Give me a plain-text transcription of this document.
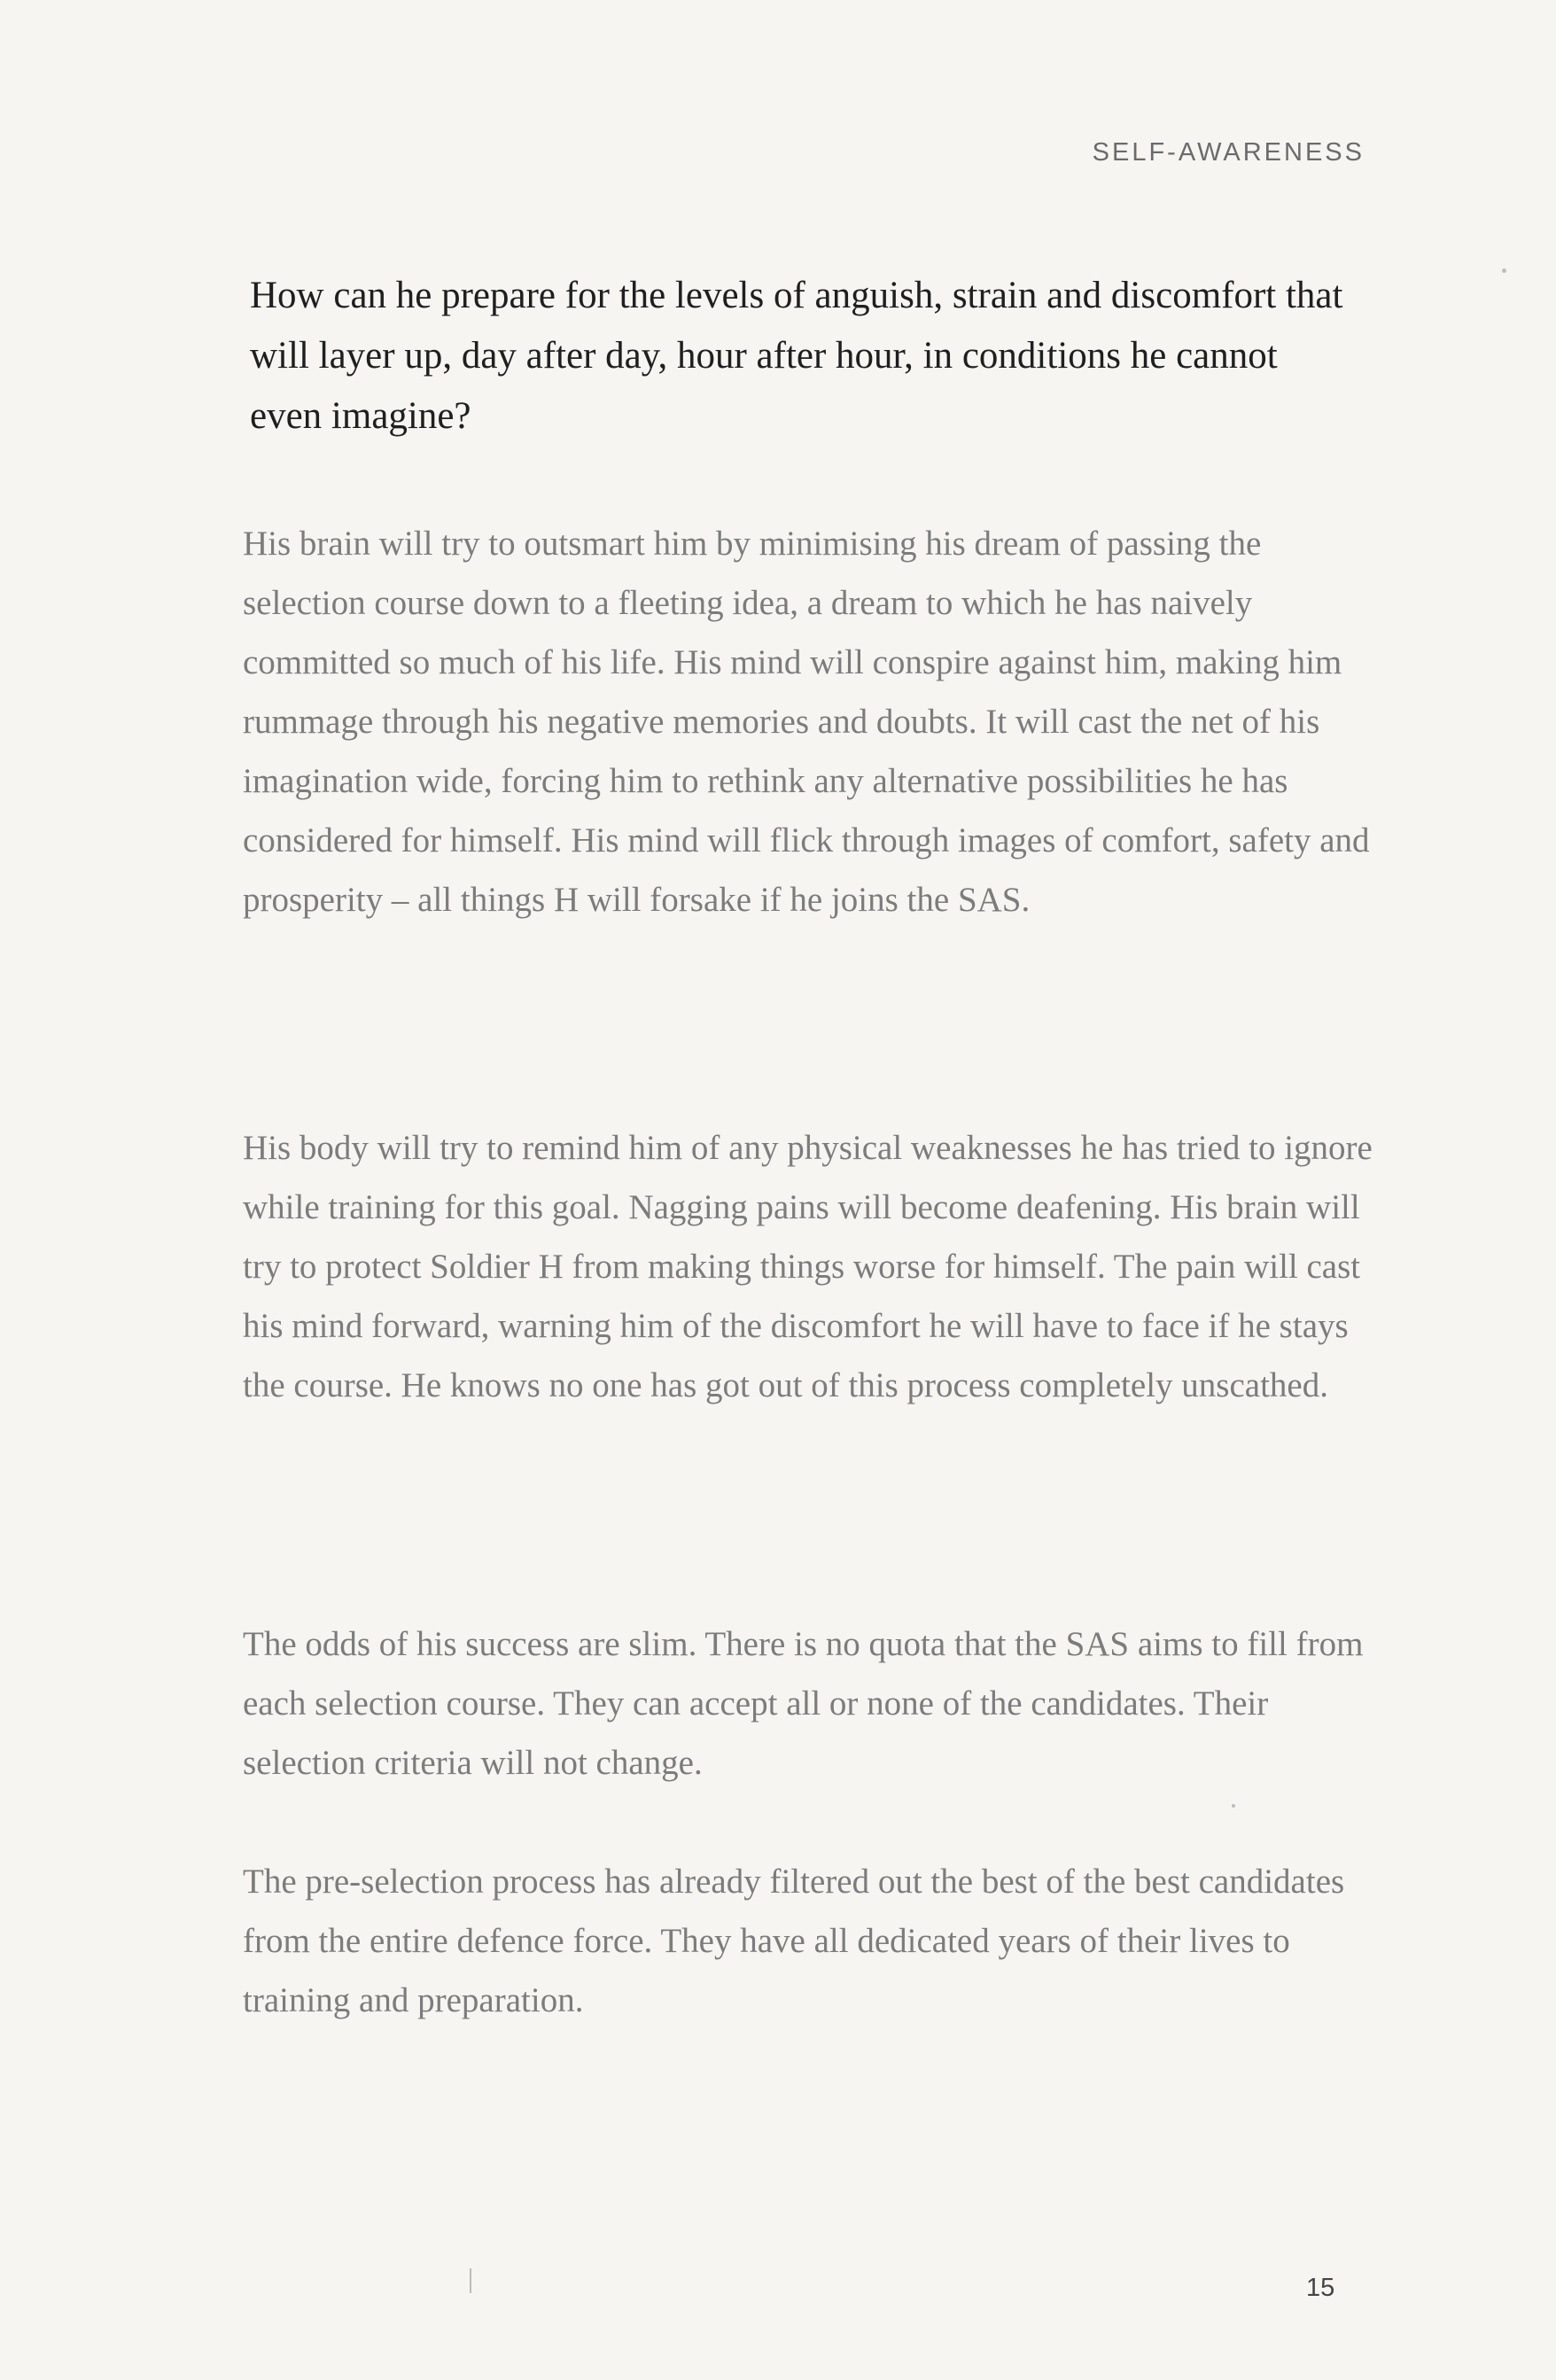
SELF-AWARENESS

How can he prepare for the levels of anguish, strain and discomfort that will layer up, day after day, hour after hour, in conditions he cannot even imagine?

His brain will try to outsmart him by minimising his dream of passing the selection course down to a fleeting idea, a dream to which he has naively committed so much of his life. His mind will conspire against him, making him rummage through his negative memories and doubts. It will cast the net of his imagination wide, forcing him to rethink any alternative possibilities he has considered for himself. His mind will flick through images of comfort, safety and prosperity – all things H will forsake if he joins the SAS.

His body will try to remind him of any physical weaknesses he has tried to ignore while training for this goal. Nagging pains will become deafening. His brain will try to protect Soldier H from making things worse for himself. The pain will cast his mind forward, warning him of the discomfort he will have to face if he stays the course. He knows no one has got out of this process completely unscathed.

The odds of his success are slim. There is no quota that the SAS aims to fill from each selection course. They can accept all or none of the candidates. Their selection criteria will not change.

The pre-selection process has already filtered out the best of the best candidates from the entire defence force. They have all dedicated years of their lives to training and preparation.

15
